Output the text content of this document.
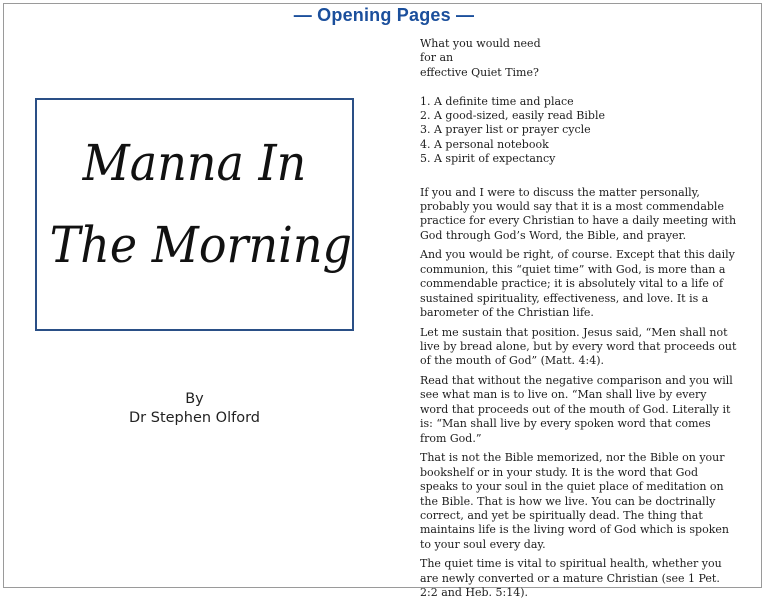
— Opening Pages —
Manna In
The Morning
By
Dr Stephen Olford
What you would need
for an
effective Quiet Time?
1. A definite time and place
2. A good-sized, easily read Bible
3. A prayer list or prayer cycle
4. A personal notebook
5. A spirit of expectancy

If you and I were to discuss the matter personally, probably you would say that it is a most commendable practice for every Christian to have a daily meeting with God through God’s Word, the Bible, and prayer.

And you would be right, of course. Except that this daily communion, this “quiet time” with God, is more than a commendable practice; it is absolutely vital to a life of sustained spirituality, effectiveness, and love. It is a barometer of the Christian life.

Let me sustain that position. Jesus said, “Men shall not live by bread alone, but by every word that proceeds out of the mouth of God” (Matt. 4:4).

Read that without the negative comparison and you will see what man is to live on. “Man shall live by every word that proceeds out of the mouth of God. Literally it is: “Man shall live by every spoken word that comes from God.”

That is not the Bible memorized, nor the Bible on your bookshelf or in your study. It is the word that God speaks to your soul in the quiet place of meditation on the Bible. That is how we live. You can be doctrinally correct, and yet be spiritually dead. The thing that maintains life is the living word of God which is spoken to your soul every day.

The quiet time is vital to spiritual health, whether you are newly converted or a mature Christian (see 1 Pet. 2:2 and Heb. 5:14).
